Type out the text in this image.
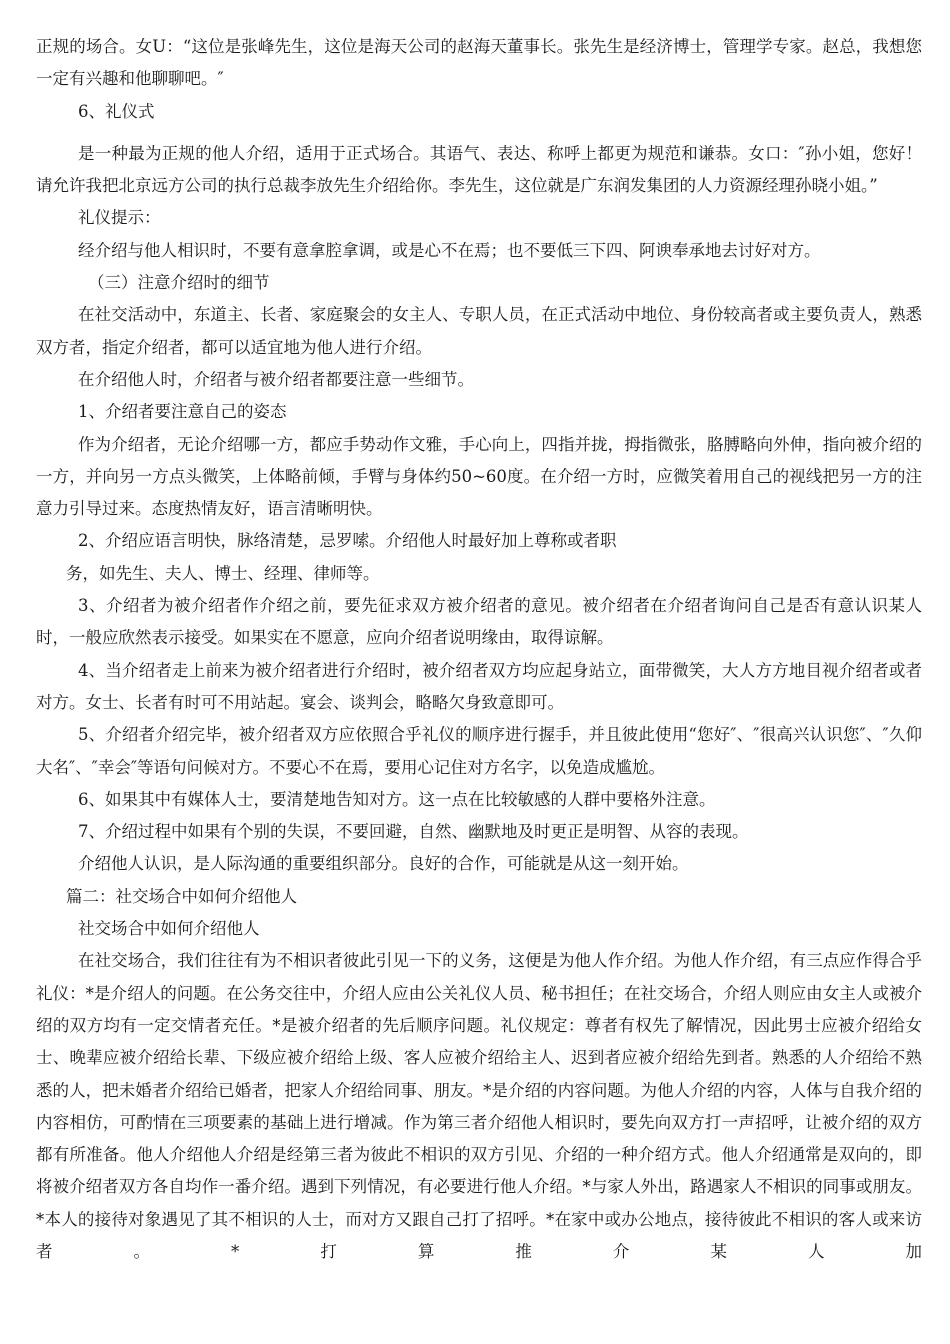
正规的场合。女U：“这位是张峰先生，这位是海天公司的赵海天董事长。张先生是经济博士，管理学专家。赵总，我想您一定有兴趣和他聊聊吧。″

6、礼仪式

是一种最为正规的他人介绍，适用于正式场合。其语气、表达、称呼上都更为规范和谦恭。女口：″孙小姐，您好！请允许我把北京远方公司的执行总裁李放先生介绍给你。李先生，这位就是广东润发集团的人力资源经理孙晓小姐。”

礼仪提示：

经介绍与他人相识时，不要有意拿腔拿调，或是心不在焉；也不要低三下四、阿谀奉承地去讨好对方。

（三）注意介绍时的细节

在社交活动中，东道主、长者、家庭聚会的女主人、专职人员，在正式活动中地位、身份较高者或主要负责人，熟悉双方者，指定介绍者，都可以适宜地为他人进行介绍。

在介绍他人时，介绍者与被介绍者都要注意一些细节。

1、介绍者要注意自己的姿态

作为介绍者，无论介绍哪一方，都应手势动作文雅，手心向上，四指并拢，拇指微张，胳膊略向外伸，指向被介绍的一方，并向另一方点头微笑，上体略前倾，手臂与身体约50~60度。在介绍一方时，应微笑着用自己的视线把另一方的注意力引导过来。态度热情友好，语言清晰明快。

2、介绍应语言明快，脉络清楚，忌罗嗦。介绍他人时最好加上尊称或者职

务，如先生、夫人、博士、经理、律师等。

3、介绍者为被介绍者作介绍之前，要先征求双方被介绍者的意见。被介绍者在介绍者询问自己是否有意认识某人时，一般应欣然表示接受。如果实在不愿意，应向介绍者说明缘由，取得谅解。

4、当介绍者走上前来为被介绍者进行介绍时，被介绍者双方均应起身站立，面带微笑，大人方方地目视介绍者或者对方。女士、长者有时可不用站起。宴会、谈判会，略略欠身致意即可。

5、介绍者介绍完毕，被介绍者双方应依照合乎礼仪的顺序进行握手，并且彼此使用“您好″、″很高兴认识您″、″久仰大名″、″幸会″等语句问候对方。不要心不在焉，要用心记住对方名字，以免造成尴尬。

6、如果其中有媒体人士，要清楚地告知对方。这一点在比较敏感的人群中要格外注意。

7、介绍过程中如果有个别的失误，不要回避，自然、幽默地及时更正是明智、从容的表现。

介绍他人认识，是人际沟通的重要组织部分。良好的合作，可能就是从这一刻开始。

篇二：社交场合中如何介绍他人

社交场合中如何介绍他人

在社交场合，我们往往有为不相识者彼此引见一下的义务，这便是为他人作介绍。为他人作介绍，有三点应作得合乎礼仪：*是介绍人的问题。在公务交往中，介绍人应由公关礼仪人员、秘书担任；在社交场合，介绍人则应由女主人或被介绍的双方均有一定交情者充任。*是被介绍者的先后顺序问题。礼仪规定：尊者有权先了解情况，因此男士应被介绍给女士、晚辈应被介绍给长辈、下级应被介绍给上级、客人应被介绍给主人、迟到者应被介绍给先到者。熟悉的人介绍给不熟悉的人，把未婚者介绍给已婚者，把家人介绍给同事、朋友。*是介绍的内容问题。为他人介绍的内容，人体与自我介绍的内容相仿，可酌情在三项要素的基础上进行增减。作为第三者介绍他人相识时，要先向双方打一声招呼，让被介绍的双方都有所准备。他人介绍他人介绍是经第三者为彼此不相识的双方引见、介绍的一种介绍方式。他人介绍通常是双向的，即将被介绍者双方各自均作一番介绍。遇到下列情况，有必要进行他人介绍。*与家人外出，路遇家人不相识的同事或朋友。*本人的接待对象遇见了其不相识的人士，而对方又跟自己打了招呼。*在家中或办公地点，接待彼此不相识的客人或来访者。*打算推介某人加
